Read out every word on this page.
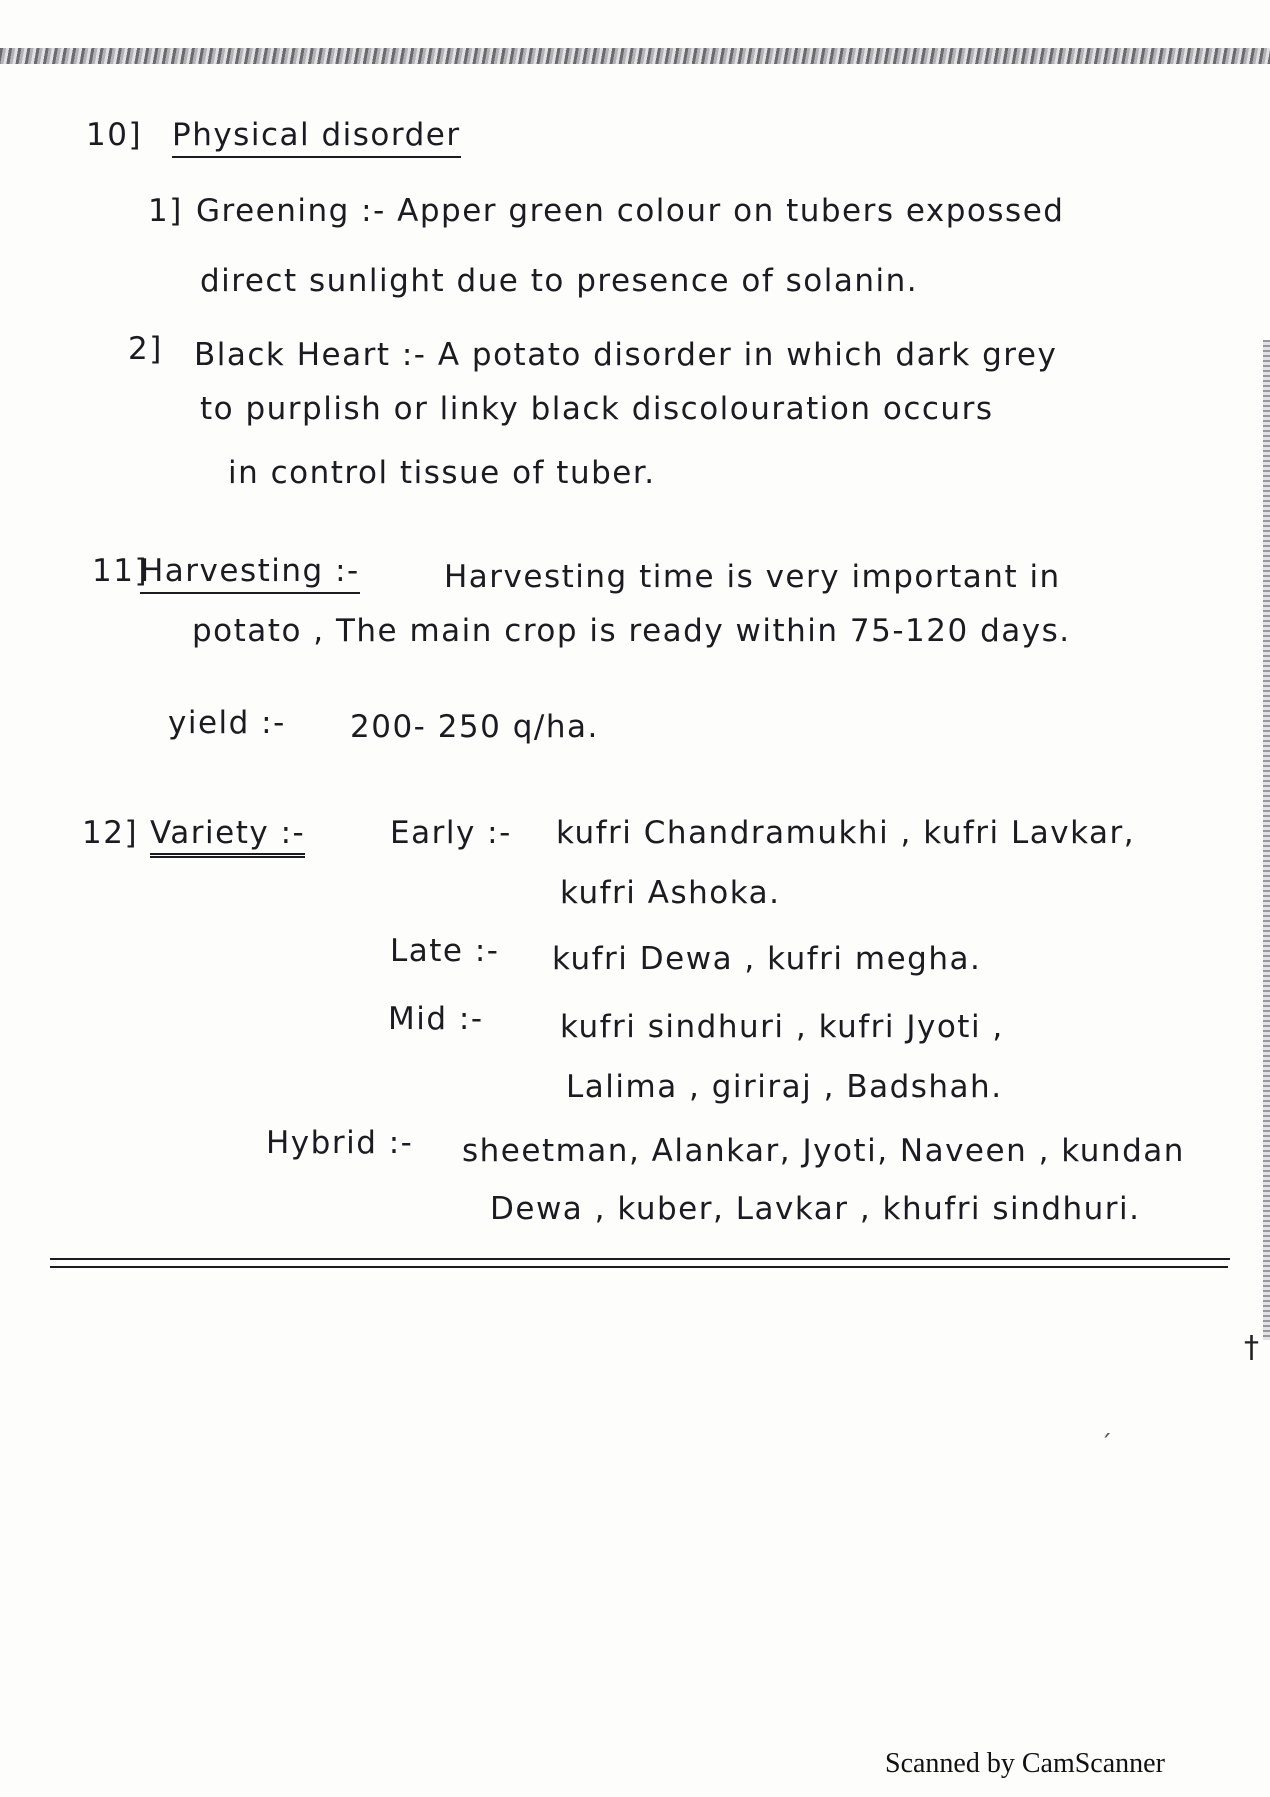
10] Physical disorder
1] Greening :- Apper green colour on tubers expossed
direct sunlight due to presence of solanin.
2] Black Heart :- A potato disorder in which dark grey
to purplish or linky black discolouration occurs
in control tissue of tuber.
11]
Harvesting :-	Harvesting time is very important in
potato , The main crop is ready within 75-120 days.
yield :- 200- 250 q/ha.
12] Variety :-	Early :- kufri Chandramukhi , kufri Lavkar,
kufri Ashoka.
Late :- kufri Dewa , kufri megha.
Mid :- kufri sindhuri , kufri Jyoti ,
Lalima , giriraj , Badshah.
Hybrid :- sheetman, Alankar, Jyoti, Naveen , kundan
Dewa , kuber, Lavkar , khufri sindhuri.
†
ˏ
Scanned by CamScanner
